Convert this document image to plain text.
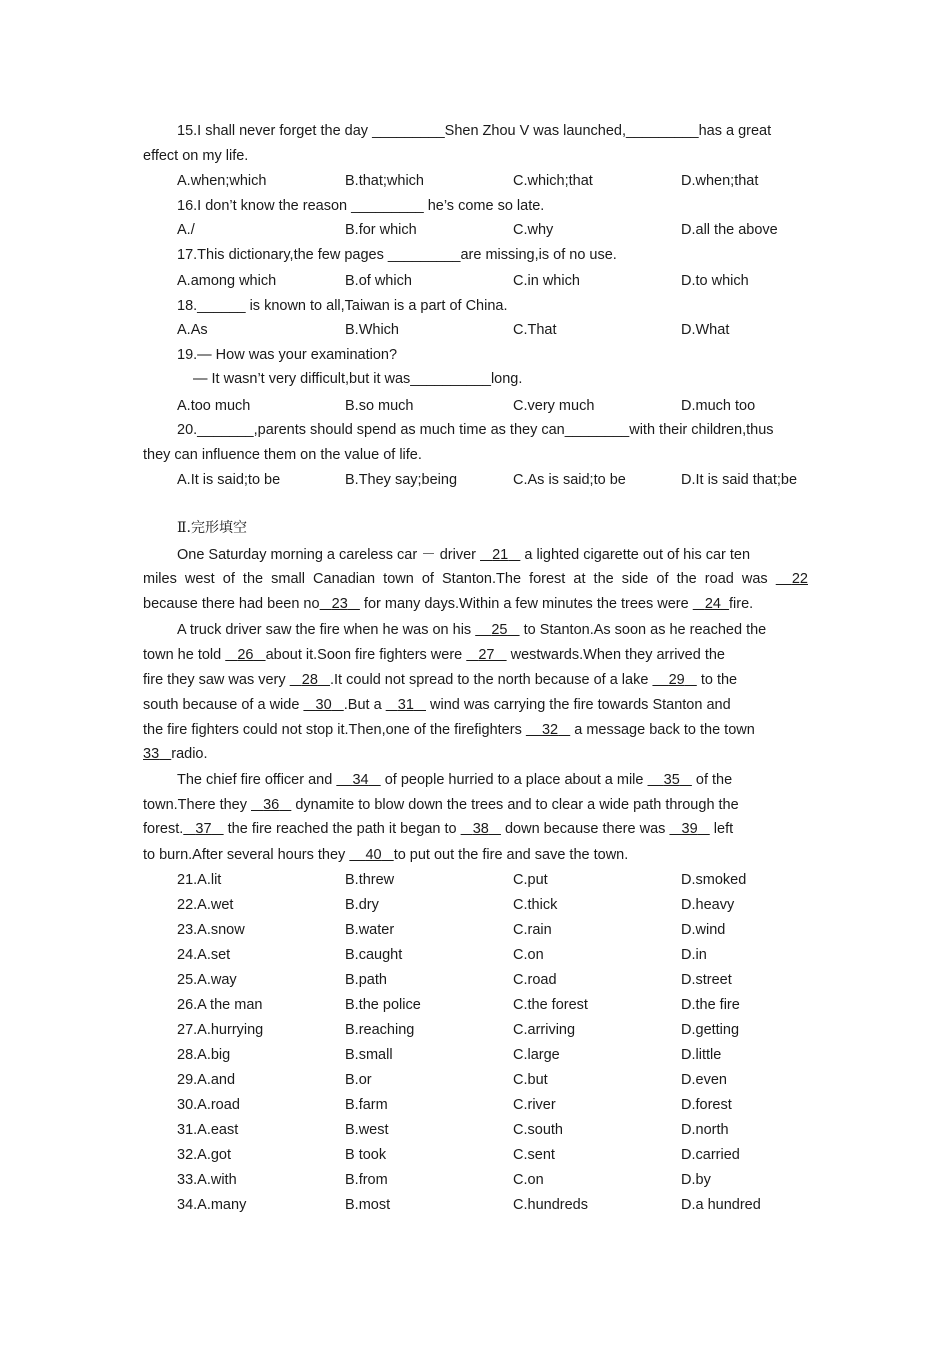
15.I shall never forget the day _________Shen Zhou V was launched,_________has a great
effect on my life.
A.when;which	B.that;which	C.which;that	D.when;that
16.I don’t know the reason _________ he’s come so late.
A./	B.for which	C.why	D.all the above
17.This dictionary,the few pages _________are missing,is of no use.
A.among which	B.of which	C.in which	D.to which
18.______ is known to all,Taiwan is a part of China.
A.As	B.Which	C.That	D.What
19.— How was your examination?
— It wasn’t very difficult,but it was__________long.
A.too much	B.so much	C.very much	D.much too
20._______,parents should spend as much time as they can________with their children,thus
they can influence them on the value of life.
A.It is said;to be	B.They say;being	C.As is said;to be	D.It is said that;be
Ⅱ.完形填空
One Saturday morning a careless car － driver    21    a lighted cigarette out of his car ten
miles west of the small Canadian town of Stanton.The forest at the side of the road was   22
because there had been no 23    for many days.Within a few minutes the trees were    24 fire.
A truck driver saw the fire when he was on his     25    to Stanton.As soon as he reached the
town he told    26 about it.Soon fire fighters were    27    westwards.When they arrived the
fire they saw was very    28 .It could not spread to the north because of a lake     29    to the
south because of a wide    30 .But a    31    wind was carrying the fire towards Stanton and
the fire fighters could not stop it.Then,one of the firefighters     32    a message back to the town
33 radio.
The chief fire officer and     34    of people hurried to a place about a mile     35    of the
town.There they    36    dynamite to blow down the trees and to clear a wide path through the
forest. 37    the fire reached the path it began to    38    down because there was    39    left
to burn.After several hours they     40 to put out the fire and save the town.
21.A.lit	B.threw	C.put	D.smoked
22.A.wet	B.dry	C.thick	D.heavy
23.A.snow	B.water	C.rain	D.wind
24.A.set	B.caught	C.on	D.in
25.A.way	B.path	C.road	D.street
26.A the man	B.the police	C.the forest	D.the fire
27.A.hurrying	B.reaching	C.arriving	D.getting
28.A.big	B.small	C.large	D.little
29.A.and	B.or	C.but	D.even
30.A.road	B.farm	C.river	D.forest
31.A.east	B.west	C.south	D.north
32.A.got	B took	C.sent	D.carried
33.A.with	B.from	C.on	D.by
34.A.many	B.most	C.hundreds	D.a hundred
